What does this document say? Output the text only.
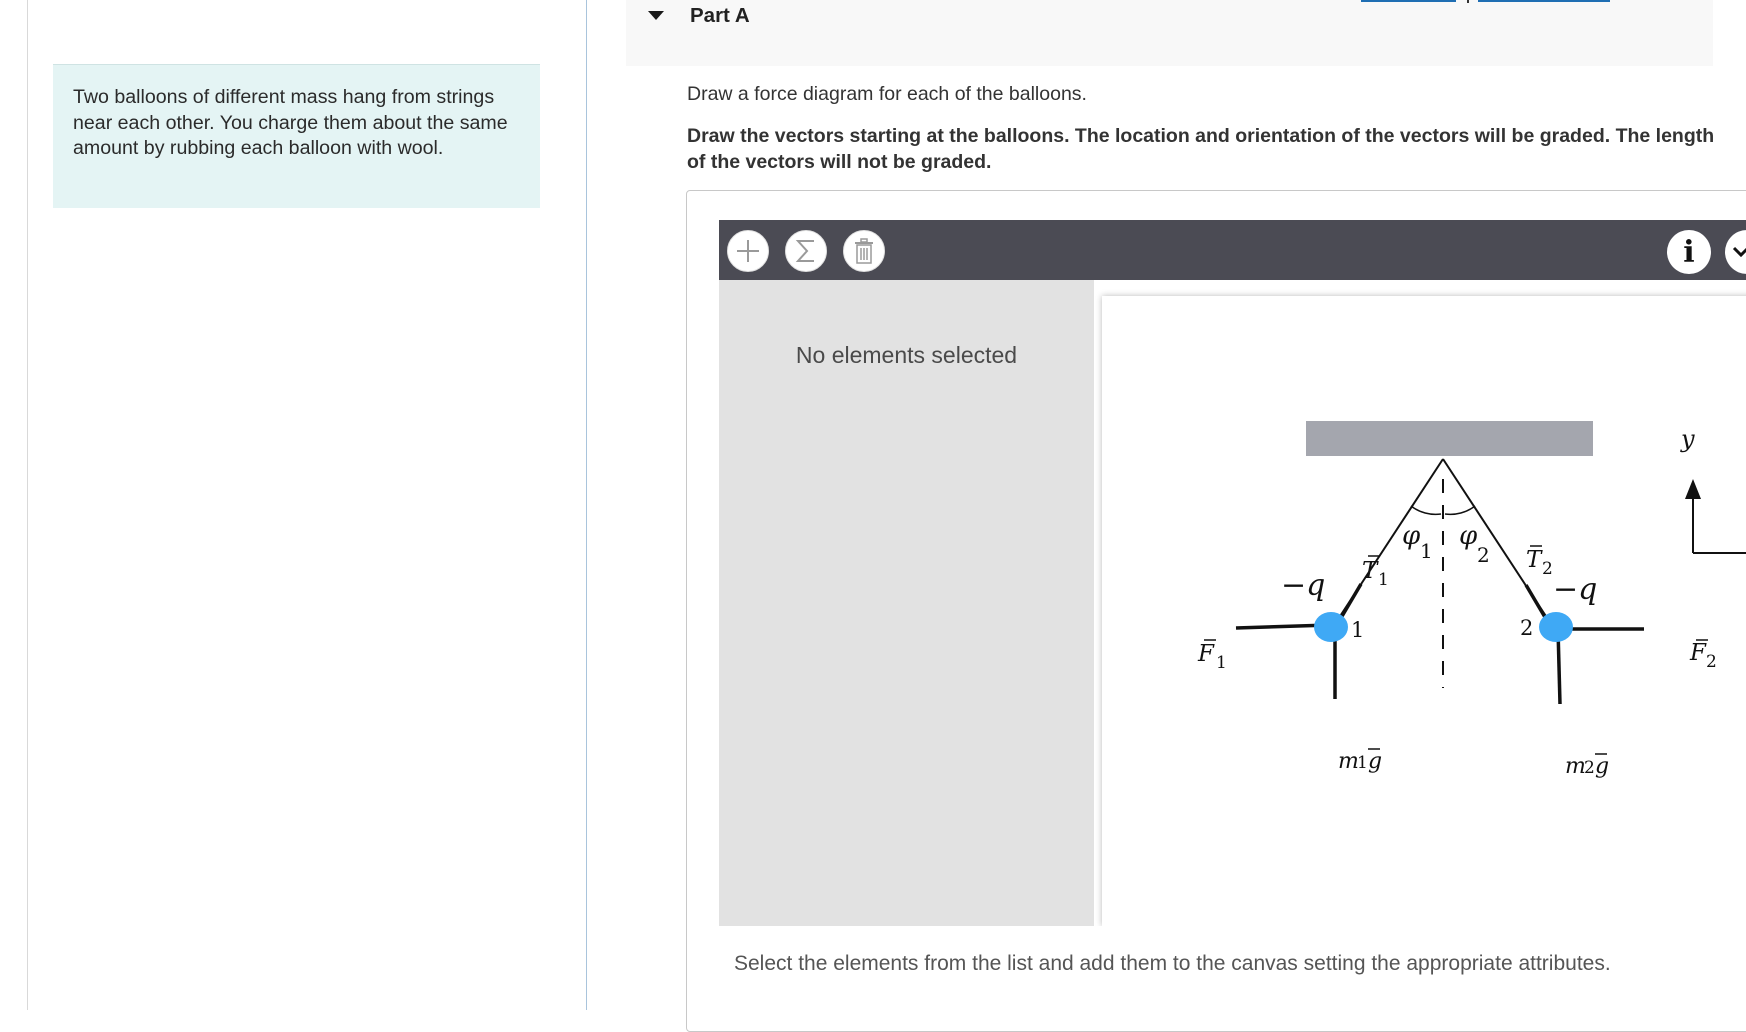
Two balloons of different mass hang from strings near each other. You charge them about the same amount by rubbing each balloon with wool.
Part A
Draw a force diagram for each of the balloons.
Draw the vectors starting at the balloons. The location and orientation of the vectors will be graded. The length of the vectors will not be graded.
i
No elements selected
−q	−q
φ 1 φ
2
T 1
T 2
F 1	F 2
m
1 g	m
2 g
1	2
y
Select the elements from the list and add them to the canvas setting the appropriate attributes.
